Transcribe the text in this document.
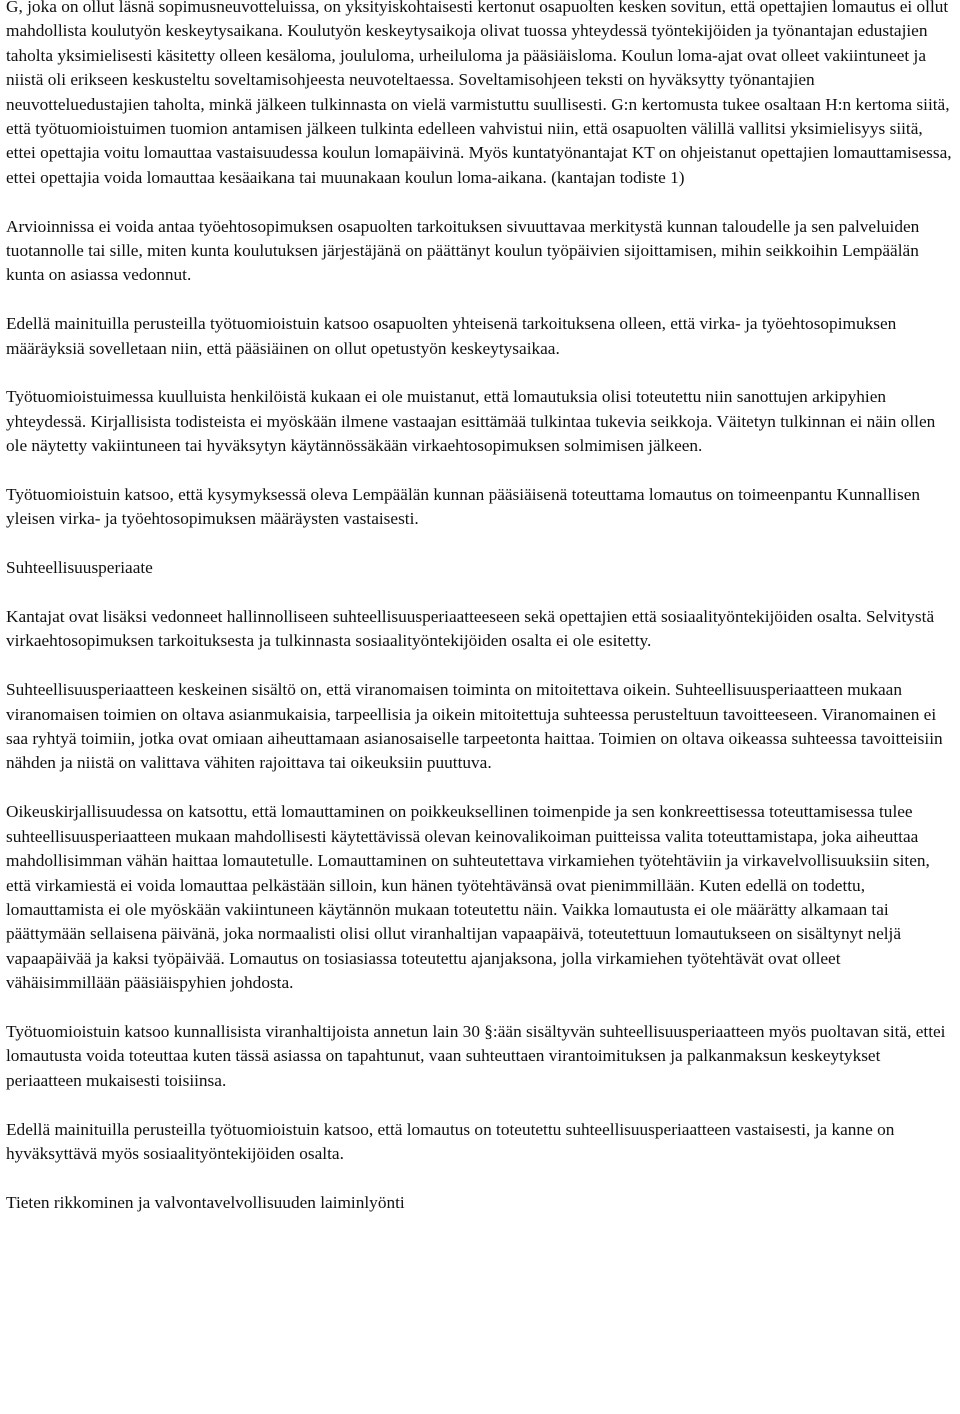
G, joka on ollut läsnä sopimusneuvotteluissa, on yksityiskohtaisesti kertonut osapuolten kesken sovitun, että opettajien lomautus ei ollut mahdollista koulutyön keskeytysaikana. Koulutyön keskeytysaikoja olivat tuossa yhteydessä työntekijöiden ja työnantajan edustajien taholta yksimielisesti käsitetty olleen kesäloma, joululoma, urheiluloma ja pääsiäisloma. Koulun loma-ajat ovat olleet vakiintuneet ja niistä oli erikseen keskusteltu soveltamisohjeesta neuvoteltaessa. Soveltamisohjeen teksti on hyväksytty työnantajien neuvotteluedustajien taholta, minkä jälkeen tulkinnasta on vielä varmistuttu suullisesti. G:n kertomusta tukee osaltaan H:n kertoma siitä, että työtuomioistuimen tuomion antamisen jälkeen tulkinta edelleen vahvistui niin, että osapuolten välillä vallitsi yksimielisyys siitä, ettei opettajia voitu lomauttaa vastaisuudessa koulun lomapäivinä. Myös kuntatyönantajat KT on ohjeistanut opettajien lomauttamisessa, ettei opettajia voida lomauttaa kesäaikana tai muunakaan koulun loma-aikana. (kantajan todiste 1)

Arvioinnissa ei voida antaa työehtosopimuksen osapuolten tarkoituksen sivuuttavaa merkitystä kunnan taloudelle ja sen palveluiden tuotannolle tai sille, miten kunta koulutuksen järjestäjänä on päättänyt koulun työpäivien sijoittamisen, mihin seikkoihin Lempäälän kunta on asiassa vedonnut.

Edellä mainituilla perusteilla työtuomioistuin katsoo osapuolten yhteisenä tarkoituksena olleen, että virka- ja työehtosopimuksen määräyksiä sovelletaan niin, että pääsiäinen on ollut opetustyön keskeytysaikaa.

Työtuomioistuimessa kuulluista henkilöistä kukaan ei ole muistanut, että lomautuksia olisi toteutettu niin sanottujen arkipyhien yhteydessä. Kirjallisista todisteista ei myöskään ilmene vastaajan esittämää tulkintaa tukevia seikkoja. Väitetyn tulkinnan ei näin ollen ole näytetty vakiintuneen tai hyväksytyn käytännössäkään virkaehtosopimuksen solmimisen jälkeen.

Työtuomioistuin katsoo, että kysymyksessä oleva Lempäälän kunnan pääsiäisenä toteuttama lomautus on toimeenpantu Kunnallisen yleisen virka- ja työehtosopimuksen määräysten vastaisesti.

Suhteellisuusperiaate

Kantajat ovat lisäksi vedonneet hallinnolliseen suhteellisuusperiaatteeseen sekä opettajien että sosiaalityöntekijöiden osalta. Selvitystä virkaehtosopimuksen tarkoituksesta ja tulkinnasta sosiaalityöntekijöiden osalta ei ole esitetty.

Suhteellisuusperiaatteen keskeinen sisältö on, että viranomaisen toiminta on mitoitettava oikein. Suhteellisuusperiaatteen mukaan viranomaisen toimien on oltava asianmukaisia, tarpeellisia ja oikein mitoitettuja suhteessa perusteltuun tavoitteeseen. Viranomainen ei saa ryhtyä toimiin, jotka ovat omiaan aiheuttamaan asianosaiselle tarpeetonta haittaa. Toimien on oltava oikeassa suhteessa tavoitteisiin nähden ja niistä on valittava vähiten rajoittava tai oikeuksiin puuttuva.

Oikeuskirjallisuudessa on katsottu, että lomauttaminen on poikkeuksellinen toimenpide ja sen konkreettisessa toteuttamisessa tulee suhteellisuusperiaatteen mukaan mahdollisesti käytettävissä olevan keinovalikoiman puitteissa valita toteuttamistapa, joka aiheuttaa mahdollisimman vähän haittaa lomautetulle. Lomauttaminen on suhteutettava virkamiehen työtehtäviin ja virkavelvollisuuksiin siten, että virkamiestä ei voida lomauttaa pelkästään silloin, kun hänen työtehtävänsä ovat pienimmillään. Kuten edellä on todettu, lomauttamista ei ole myöskään vakiintuneen käytännön mukaan toteutettu näin. Vaikka lomautusta ei ole määrätty alkamaan tai päättymään sellaisena päivänä, joka normaalisti olisi ollut viranhaltijan vapaapäivä, toteutettuun lomautukseen on sisältynyt neljä vapaapäivää ja kaksi työpäivää. Lomautus on tosiasiassa toteutettu ajanjaksona, jolla virkamiehen työtehtävät ovat olleet vähäisimmillään pääsiäispyhien johdosta.

Työtuomioistuin katsoo kunnallisista viranhaltijoista annetun lain 30 §:ään sisältyvän suhteellisuusperiaatteen myös puoltavan sitä, ettei lomautusta voida toteuttaa kuten tässä asiassa on tapahtunut, vaan suhteuttaen virantoimituksen ja palkanmaksun keskeytykset periaatteen mukaisesti toisiinsa.

Edellä mainituilla perusteilla työtuomioistuin katsoo, että lomautus on toteutettu suhteellisuusperiaatteen vastaisesti, ja kanne on hyväksyttävä myös sosiaalityöntekijöiden osalta.

Tieten rikkominen ja valvontavelvollisuuden laiminlyönti
